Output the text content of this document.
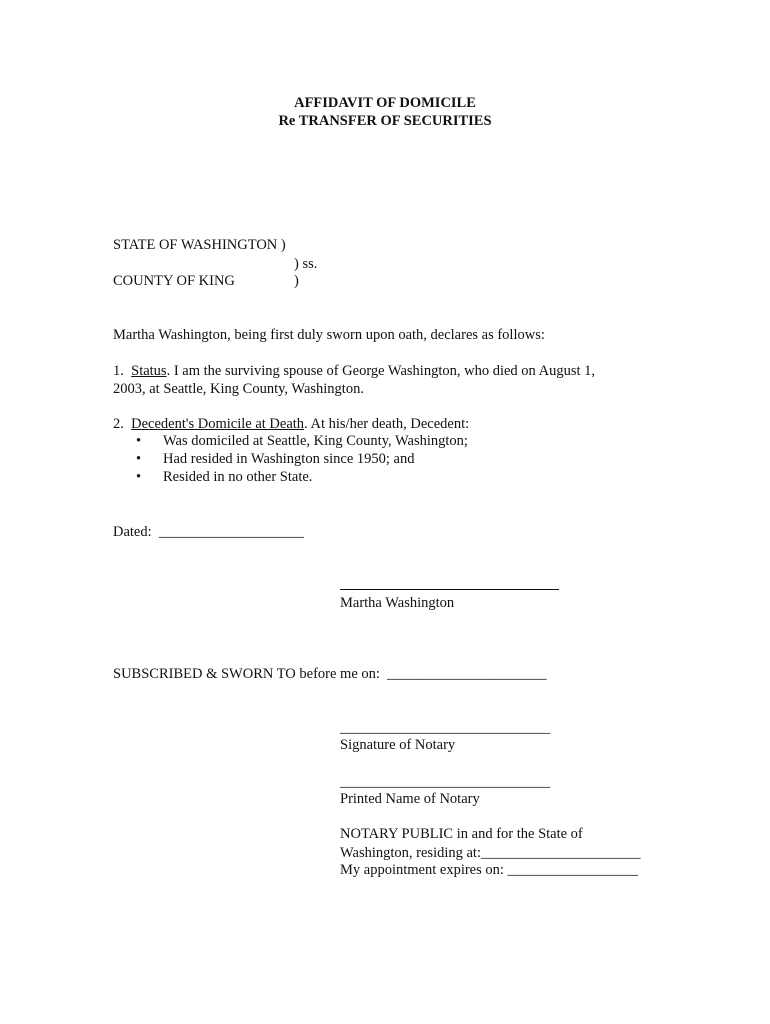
AFFIDAVIT OF DOMICILE
Re TRANSFER OF SECURITIES
STATE OF WASHINGTON )
) ss.
COUNTY OF KING	)
Martha Washington, being first duly sworn upon oath, declares as follows:
1. Status. I am the surviving spouse of George Washington, who died on August 1,
2003, at Seattle, King County, Washington.
2. Decedent's Domicile at Death. At his/her death, Decedent:
• Was domiciled at Seattle, King County, Washington;
• Had resided in Washington since 1950; and
• Resided in no other State.
Dated: ____________________
Martha Washington
SUBSCRIBED & SWORN TO before me on: ______________________
_____________________________
Signature of Notary
_____________________________
Printed Name of Notary
NOTARY PUBLIC in and for the State of
Washington, residing at:______________________
My appointment expires on: __________________
